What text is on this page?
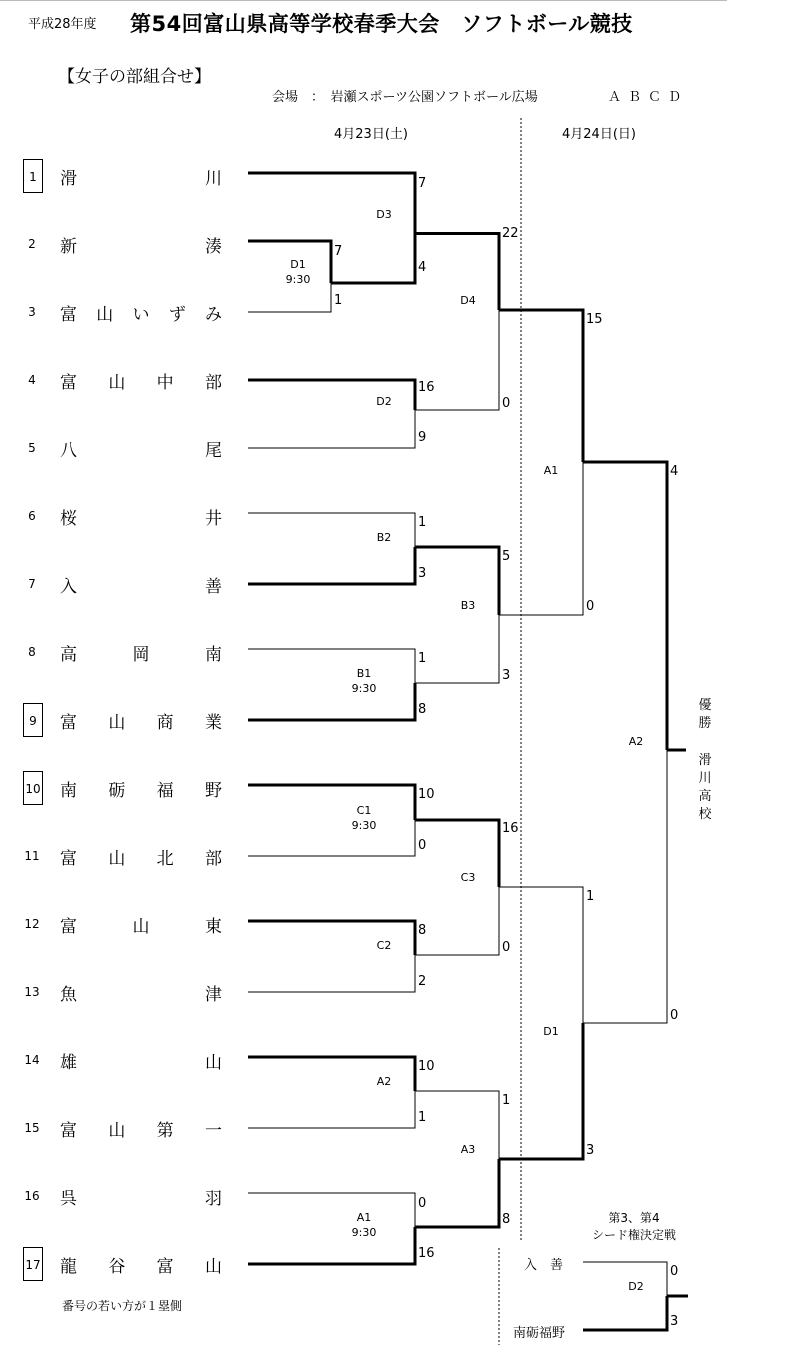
平成28年度 第54回富山県高等学校春季大会　ソフトボール競技
【女子の部組合せ】
会場　：　岩瀬スポーツ公園ソフトボール広場	ＡＢＣＤ
4月23日(土)	4月24日(日)
1	滑	川
2	新	湊
3	富 山 い ず み
4	富 山 中 部
5	八	尾
6	桜	井
7	入	善
8	高	岡	南
9	富 山 商 業
10 南 砺 福 野
11	富 山 北 部
12	富	山	東
13	魚	津
14	雄	山
15	富 山 第 一
16	呉	羽
17 龍 谷 富 山
D1
9:30
D3
D2
D4
B2
B1
9:30
B3
C1
9:30
C2
C3
A2
A1
9:30
A3
A1
D1
A2
D2
7
1
7
4
16
9
22
0
1
3
1
8
5
3
10
0
8
2
16
0
10
1
0
16
1
8
15
0
1
3
4
0
0
3
優
勝
滑
川
高
校
第3、第4
シード権決定戦
入　善
南砺福野
番号の若い方が１塁側
